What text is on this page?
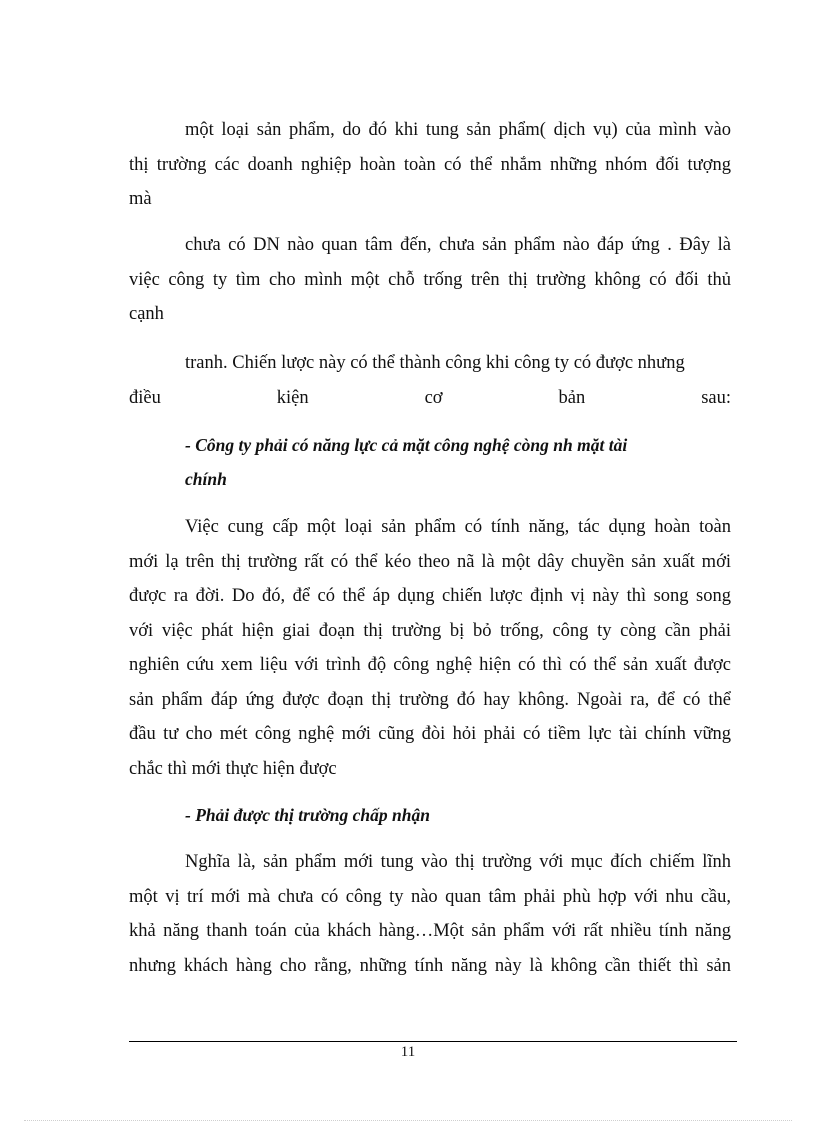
một loại sản phẩm, do đó khi tung sản phẩm( dịch vụ) của mình vào
thị trường các doanh nghiệp hoàn toàn có thể nhắm những nhóm đối tượng
mà

chưa có DN nào quan tâm đến, chưa sản phẩm nào đáp ứng . Đây là
việc công ty tìm cho mình một chỗ trống trên thị trường không có đối thủ
cạnh

tranh. Chiến lược này có thể thành công khi công ty có được nhưng
điều kiện cơ bản sau:

- Công ty phải có năng lực cả mặt công nghệ còng nh mặt tài
chính

Việc cung cấp một loại sản phẩm có tính năng, tác dụng hoàn toàn
mới lạ trên thị trường rất có thể kéo theo nã là một dây chuyền sản xuất mới
được ra đời. Do đó, để có thể áp dụng chiến lược định vị này thì song song
với việc phát hiện giai đoạn thị trường bị bỏ trống, công ty còng cần phải
nghiên cứu xem liệu với trình độ công nghệ hiện có thì có thể sản xuất được
sản phẩm đáp ứng được đoạn thị trường đó hay không. Ngoài ra, để có thể
đầu tư cho mét công nghệ mới cũng đòi hỏi phải có tiềm lực tài chính vững
chắc thì mới thực hiện được

- Phải được thị trường chấp nhận

Nghĩa là, sản phẩm mới tung vào thị trường với mục đích chiếm lĩnh
một vị trí mới mà chưa có công ty nào quan tâm phải phù hợp với nhu cầu,
khả năng thanh toán của khách hàng…Một sản phẩm với rất nhiều tính năng
nhưng khách hàng cho rằng, những tính năng này là không cần thiết thì sản

11
